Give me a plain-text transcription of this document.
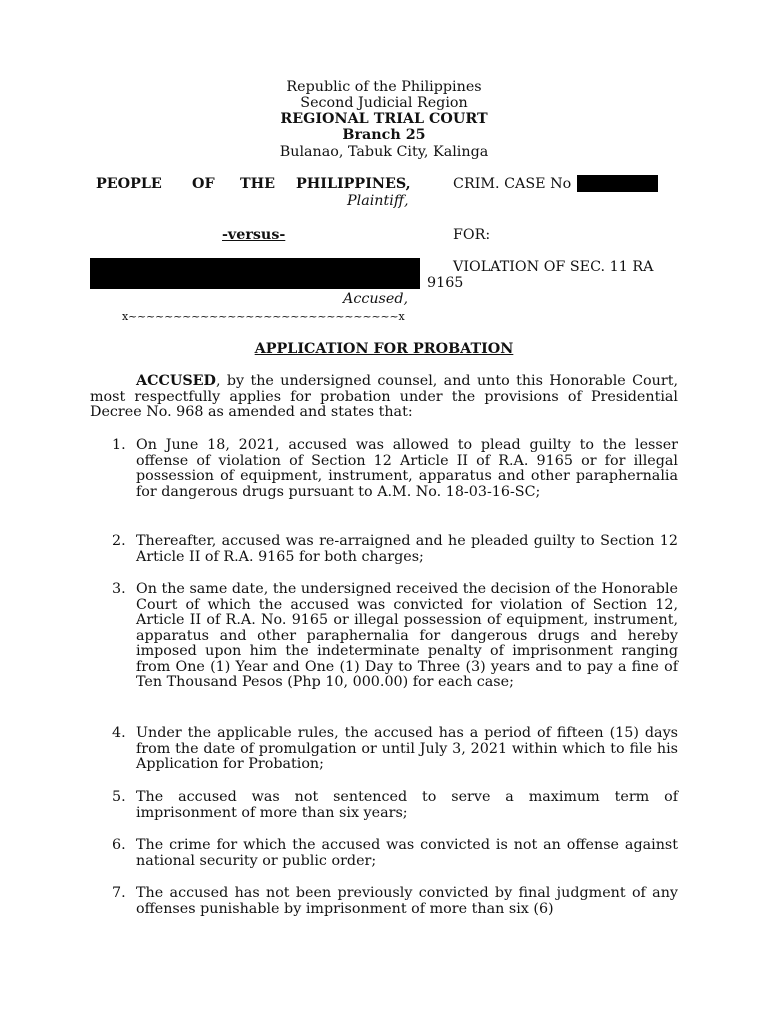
Republic of the Philippines
Second Judicial Region
REGIONAL TRIAL COURT
Branch 25
Bulanao, Tabuk City, Kalinga
PEOPLE OF THE PHILIPPINES,
Plaintiff,
-versus-
Accused,
x~~~~~~~~~~~~~~~~~~~~~~~~~~~~~~x
CRIM. CASE No
FOR:
VIOLATION OF SEC. 11 RA
9165
APPLICATION FOR PROBATION
ACCUSED, by the undersigned counsel, and unto this Honorable Court, most respectfully applies for probation under the provisions of Presidential Decree No. 968 as amended and states that:
1. On June 18, 2021, accused was allowed to plead guilty to the lesser offense of violation of Section 12 Article II of R.A. 9165 or for illegal possession of equipment, instrument, apparatus and other paraphernalia for dangerous drugs pursuant to A.M. No. 18-03-16-SC;
2. Thereafter, accused was re-arraigned and he pleaded guilty to Section 12 Article II of R.A. 9165 for both charges;
3. On the same date, the undersigned received the decision of the Honorable Court of which the accused was convicted for violation of Section 12, Article II of R.A. No. 9165 or illegal possession of equipment, instrument, apparatus and other paraphernalia for dangerous drugs and hereby imposed upon him the indeterminate penalty of imprisonment ranging from One (1) Year and One (1) Day to Three (3) years and to pay a fine of Ten Thousand Pesos (Php 10, 000.00) for each case;
4. Under the applicable rules, the accused has a period of fifteen (15) days from the date of promulgation or until July 3, 2021 within which to file his Application for Probation;
5. The accused was not sentenced to serve a maximum term of imprisonment of more than six years;
6. The crime for which the accused was convicted is not an offense against national security or public order;
7. The accused has not been previously convicted by final judgment of any offenses punishable by imprisonment of more than six (6)
